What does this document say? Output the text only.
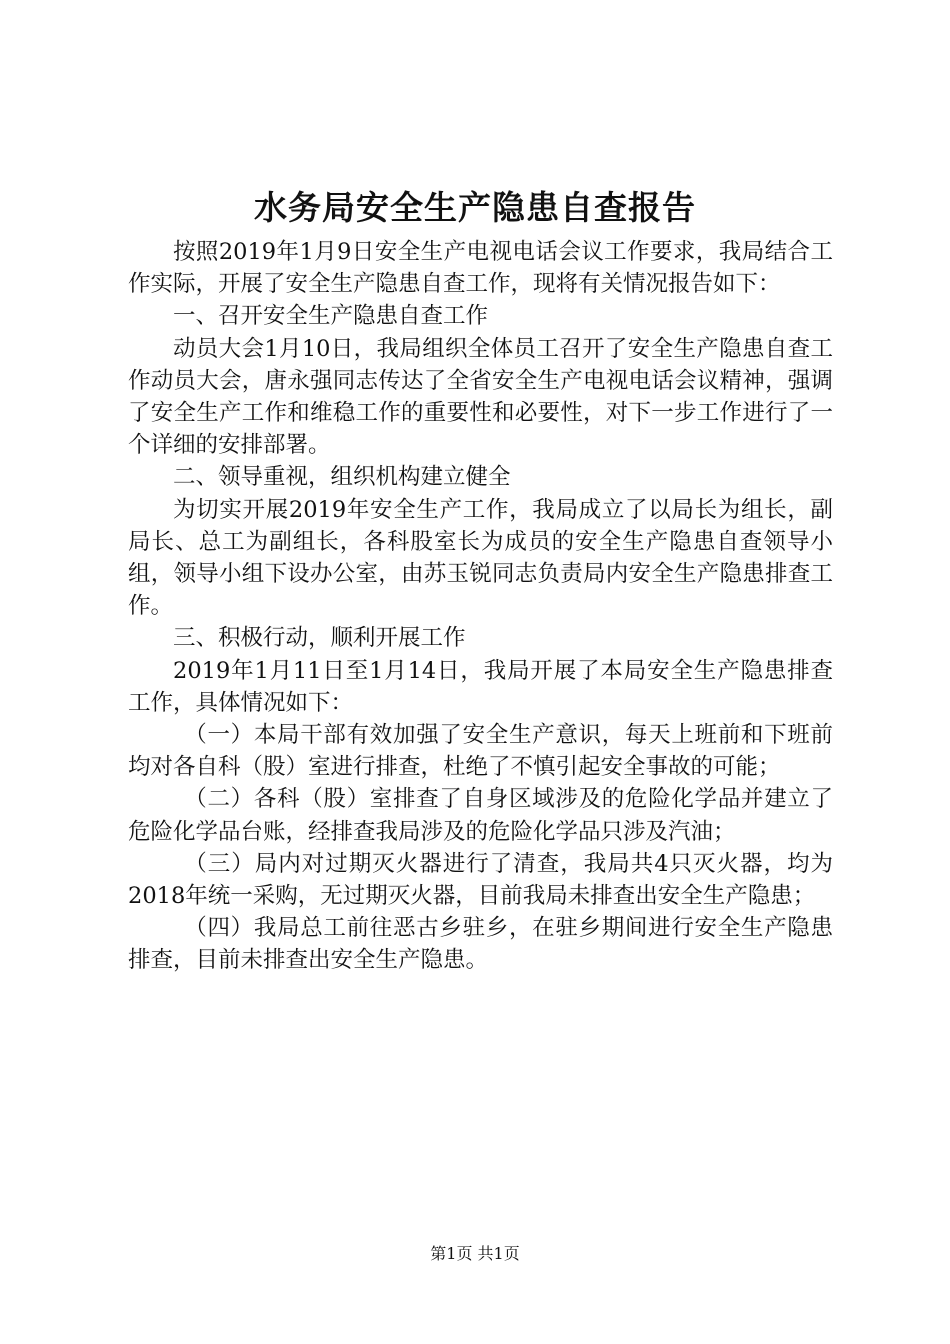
水务局安全生产隐患自查报告

按照2019年1月9日安全生产电视电话会议工作要求，我局结合工作实际，开展了安全生产隐患自查工作，现将有关情况报告如下：

一、召开安全生产隐患自查工作

动员大会1月10日，我局组织全体员工召开了安全生产隐患自查工作动员大会，唐永强同志传达了全省安全生产电视电话会议精神，强调了安全生产工作和维稳工作的重要性和必要性，对下一步工作进行了一个详细的安排部署。

二、领导重视，组织机构建立健全

为切实开展2019年安全生产工作，我局成立了以局长为组长，副局长、总工为副组长，各科股室长为成员的安全生产隐患自查领导小组，领导小组下设办公室，由苏玉锐同志负责局内安全生产隐患排查工作。

三、积极行动，顺利开展工作

2019年1月11日至1月14日，我局开展了本局安全生产隐患排查工作，具体情况如下：

（一）本局干部有效加强了安全生产意识，每天上班前和下班前均对各自科（股）室进行排查，杜绝了不慎引起安全事故的可能；

（二）各科（股）室排查了自身区域涉及的危险化学品并建立了危险化学品台账，经排查我局涉及的危险化学品只涉及汽油；

（三）局内对过期灭火器进行了清查，我局共4只灭火器，均为2018年统一采购，无过期灭火器，目前我局未排查出安全生产隐患；

（四）我局总工前往恶古乡驻乡，在驻乡期间进行安全生产隐患排查，目前未排查出安全生产隐患。

第1页 共1页
